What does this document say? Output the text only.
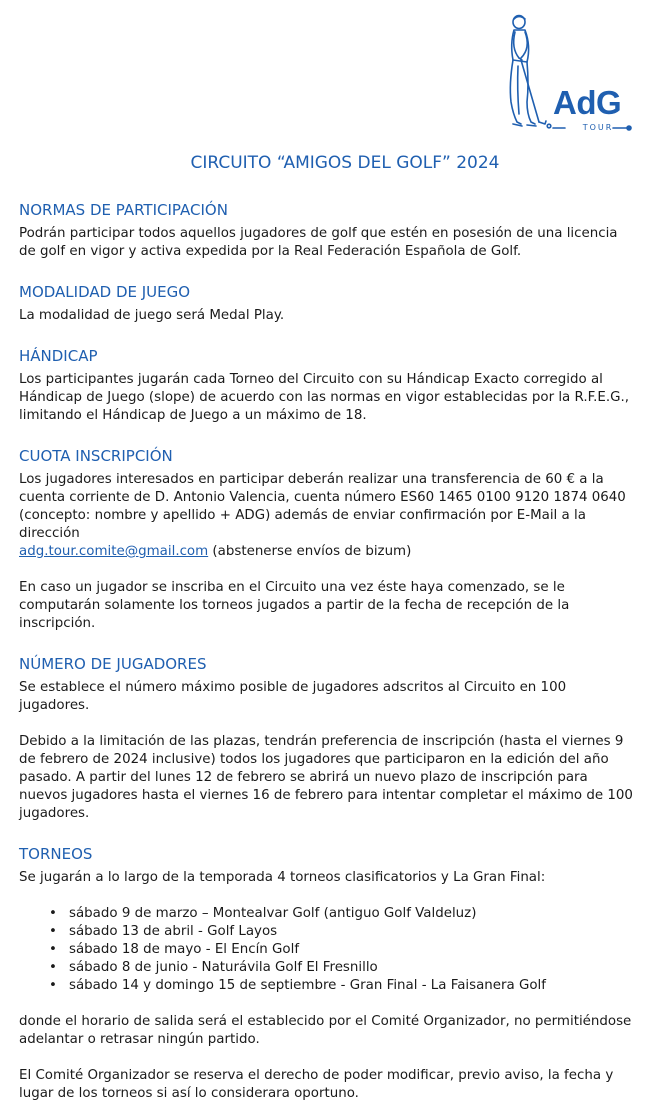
AdG
TOUR
CIRCUITO “AMIGOS DEL GOLF” 2024
NORMAS DE PARTICIPACIÓN

Podrán participar todos aquellos jugadores de golf que estén en posesión de una licencia de golf en vigor y activa expedida por la Real Federación Española de Golf.

MODALIDAD DE JUEGO

La modalidad de juego será Medal Play.

HÁNDICAP

Los participantes jugarán cada Torneo del Circuito con su Hándicap Exacto corregido al Hándicap de Juego (slope) de acuerdo con las normas en vigor establecidas por la R.F.E.G., limitando el Hándicap de Juego a un máximo de 18.

CUOTA INSCRIPCIÓN

Los jugadores interesados en participar deberán realizar una transferencia de 60 € a la cuenta corriente de D. Antonio Valencia, cuenta número ES60 1465 0100 9120 1874 0640 (concepto: nombre y apellido + ADG) además de enviar confirmación por E-Mail a la dirección
adg.tour.comite@gmail.com (abstenerse envíos de bizum)

En caso un jugador se inscriba en el Circuito una vez éste haya comenzado, se le computarán solamente los torneos jugados a partir de la fecha de recepción de la inscripción.

NÚMERO DE JUGADORES

Se establece el número máximo posible de jugadores adscritos al Circuito en 100 jugadores.

Debido a la limitación de las plazas, tendrán preferencia de inscripción (hasta el viernes 9 de febrero de 2024 inclusive) todos los jugadores que participaron en la edición del año pasado. A partir del lunes 12 de febrero se abrirá un nuevo plazo de inscripción para nuevos jugadores hasta el viernes 16 de febrero para intentar completar el máximo de 100 jugadores.

TORNEOS

Se jugarán a lo largo de la temporada 4 torneos clasificatorios y La Gran Final:

• sábado 9 de marzo – Montealvar Golf (antiguo Golf Valdeluz)
• sábado 13 de abril - Golf Layos
• sábado 18 de mayo - El Encín Golf
• sábado 8 de junio - Naturávila Golf El Fresnillo
• sábado 14 y domingo 15 de septiembre - Gran Final - La Faisanera Golf

donde el horario de salida será el establecido por el Comité Organizador, no permitiéndose adelantar o retrasar ningún partido.

El Comité Organizador se reserva el derecho de poder modificar, previo aviso, la fecha y lugar de los torneos si así lo considerara oportuno.
